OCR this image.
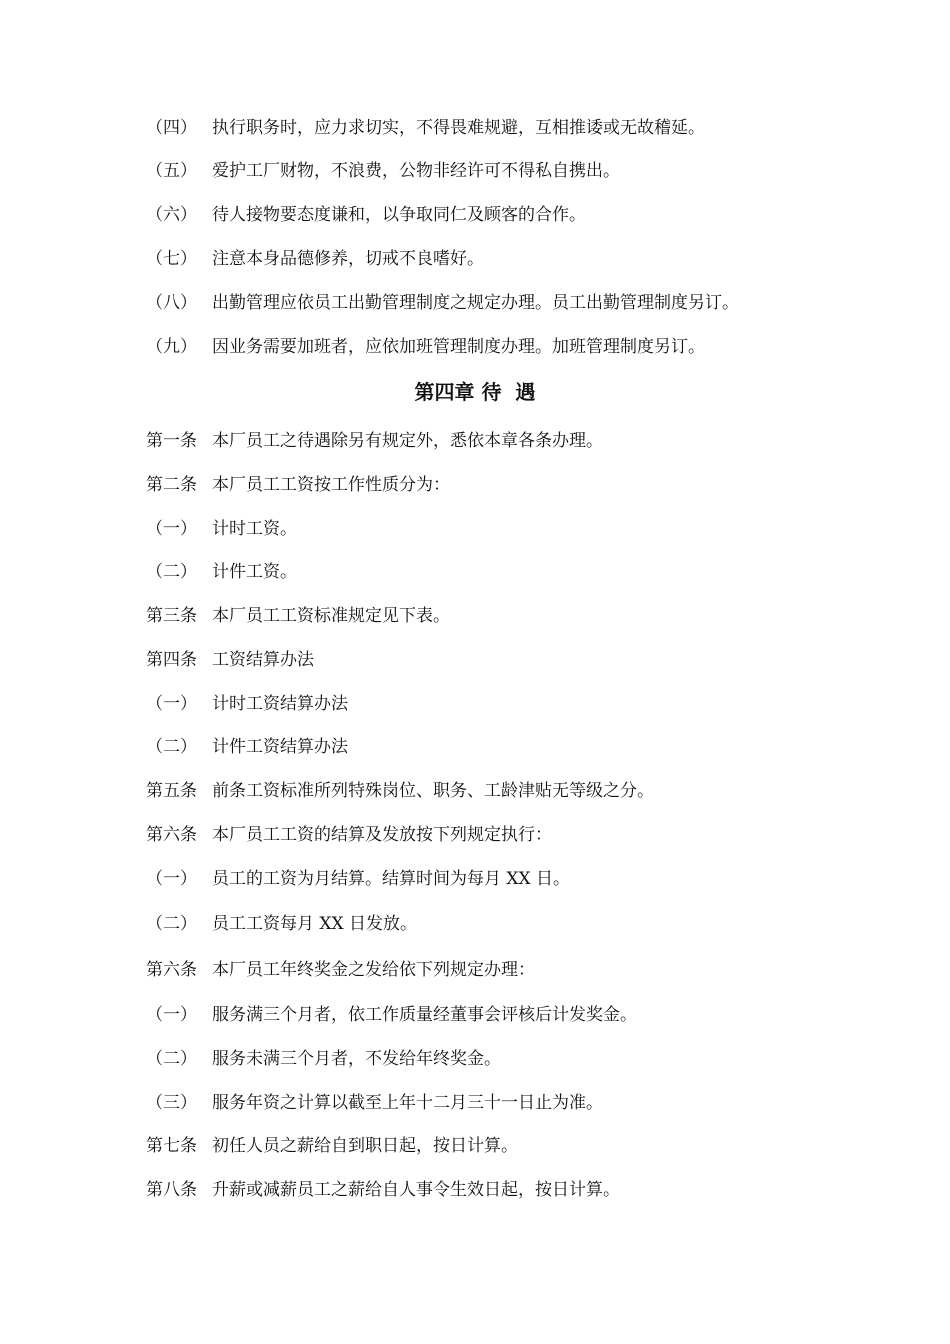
（四） 执行职务时，应力求切实，不得畏难规避，互相推诿或无故稽延。
（五） 爱护工厂财物，不浪费，公物非经许可不得私自携出。
（六） 待人接物要态度谦和，以争取同仁及顾客的合作。
（七） 注意本身品德修养，切戒不良嗜好。
（八） 出勤管理应依员工出勤管理制度之规定办理。员工出勤管理制度另订。
（九） 因业务需要加班者，应依加班管理制度办理。加班管理制度另订。
第四章 待  遇
第一条 本厂员工之待遇除另有规定外，悉依本章各条办理。
第二条 本厂员工工资按工作性质分为：
（一） 计时工资。
（二） 计件工资。
第三条 本厂员工工资标准规定见下表。
第四条 工资结算办法
（一） 计时工资结算办法
（二） 计件工资结算办法
第五条 前条工资标准所列特殊岗位、职务、工龄津贴无等级之分。
第六条 本厂员工工资的结算及发放按下列规定执行：
（一） 员工的工资为月结算。结算时间为每月 XX 日。
（二） 员工工资每月 XX 日发放。
第六条 本厂员工年终奖金之发给依下列规定办理：
（一） 服务满三个月者，依工作质量经董事会评核后计发奖金。
（二） 服务未满三个月者，不发给年终奖金。
（三） 服务年资之计算以截至上年十二月三十一日止为准。
第七条 初任人员之薪给自到职日起，按日计算。
第八条 升薪或减薪员工之薪给自人事令生效日起，按日计算。
